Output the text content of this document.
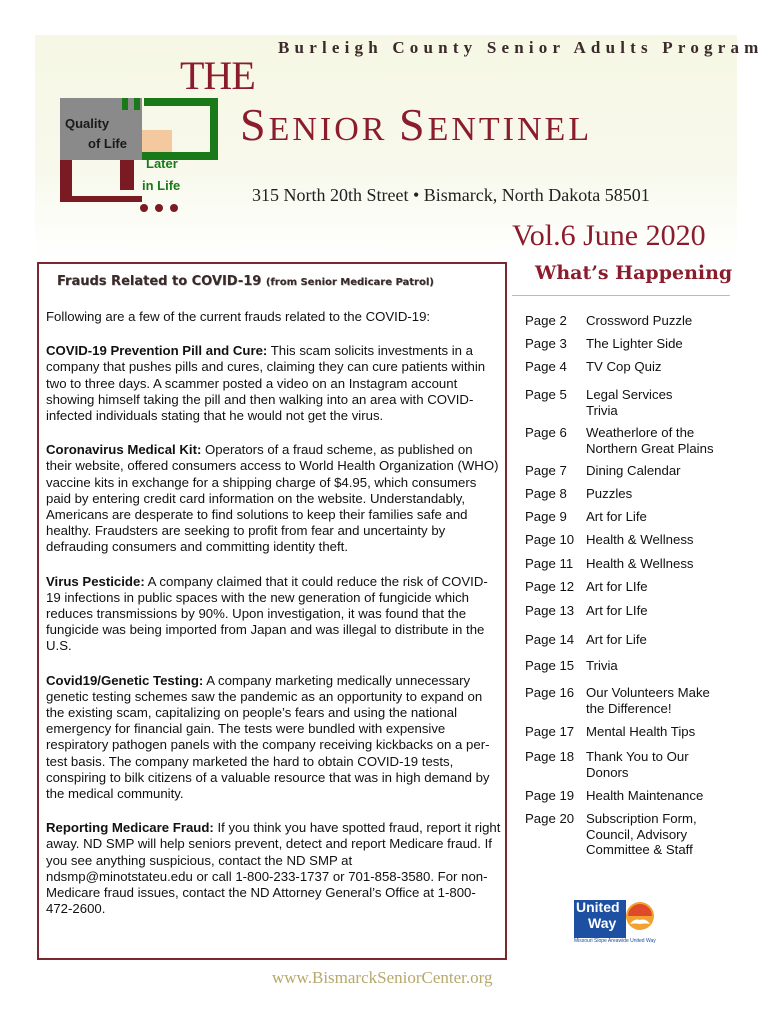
Burleigh County Senior Adults Program
THE
SENIOR SENTINEL
315 North 20th Street • Bismarck, North Dakota 58501
Vol.6 June 2020
Quality
of Life
Later
in Life
Frauds Related to COVID-19 (from Senior Medicare Patrol)

Following are a few of the current frauds related to the COVID-19:

COVID-19 Prevention Pill and Cure: This scam solicits investments in a company that pushes pills and cures, claiming they can cure patients within two to three days. A scammer posted a video on an Instagram account showing himself taking the pill and then walking into an area with COVID-infected individuals stating that he would not get the virus.

Coronavirus Medical Kit: Operators of a fraud scheme, as published on their website, offered consumers access to World Health Organization (WHO) vaccine kits in exchange for a shipping charge of $4.95, which consumers paid by entering credit card information on the website. Understandably, Americans are desperate to find solutions to keep their families safe and healthy. Fraudsters are seeking to profit from fear and uncertainty by defrauding consumers and committing identity theft.

Virus Pesticide: A company claimed that it could reduce the risk of COVID-19 infections in public spaces with the new generation of fungicide which reduces transmissions by 90%. Upon investigation, it was found that the fungicide was being imported from Japan and was illegal to distribute in the U.S.

Covid19/Genetic Testing: A company marketing medically unnecessary genetic testing schemes saw the pandemic as an opportunity to expand on the existing scam, capitalizing on people’s fears and using the national emergency for financial gain. The tests were bundled with expensive respiratory pathogen panels with the company receiving kickbacks on a per-test basis. The company marketed the hard to obtain COVID-19 tests, conspiring to bilk citizens of a valuable resource that was in high demand by the medical community.

Reporting Medicare Fraud: If you think you have spotted fraud, report it right away. ND SMP will help seniors prevent, detect and report Medicare fraud. If you see anything suspicious, contact the ND SMP at ndsmp@minotstateu.edu or call 1-800-233-1737 or 701-858-3580. For non-Medicare fraud issues, contact the ND Attorney General’s Office at 1-800-472-2600.

What’s Happening
Page 2	Crossword Puzzle
Page 3	The Lighter Side
Page 4	TV Cop Quiz
Page 5	Legal Services Trivia
Page 6	Weatherlore of the Northern Great Plains
Page 7	Dining Calendar
Page 8	Puzzles
Page 9	Art for Life
Page 10 Health & Wellness
Page 11 Health & Wellness
Page 12 Art for LIfe
Page 13 Art for LIfe
Page 14 Art for Life
Page 15 Trivia
Page 16 Our Volunteers Make the Difference!
Page 17 Mental Health Tips
Page 18 Thank You to Our Donors
Page 19 Health Maintenance
Page 20 Subscription Form, Council, Advisory Committee & Staff
United
Way
Missouri Slope Areawide United Way
www.BismarckSeniorCenter.org
